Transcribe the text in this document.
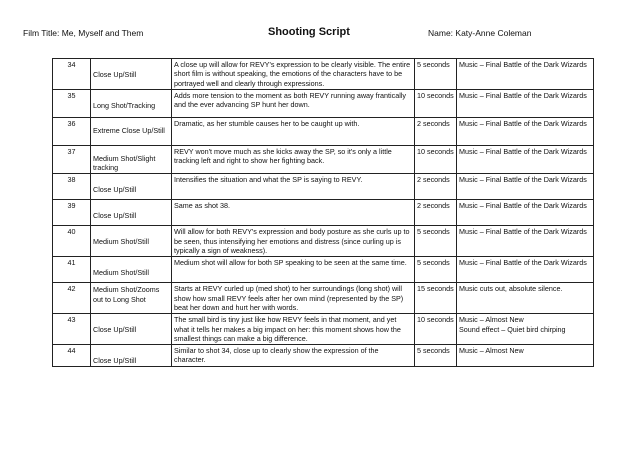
Film Title: Me, Myself and Them	Shooting Script	Name: Katy-Anne Coleman
34	Close Up/Still	A close up will allow for REVY's expression to be clearly visible. The entire short film is without speaking, the emotions of the characters have to be portrayed well and clearly through expressions.	5 seconds	Music – Final Battle of the Dark Wizards
35	Long Shot/Tracking	Adds more tension to the moment as both REVY running away frantically and the ever advancing SP hunt her down.	10 seconds	Music – Final Battle of the Dark Wizards
36	Extreme Close Up/Still	Dramatic, as her stumble causes her to be caught up with.	2 seconds	Music – Final Battle of the Dark Wizards
37	Medium Shot/Slight tracking	REVY won't move much as she kicks away the SP, so it's only a little tracking left and right to show her fighting back.	10 seconds	Music – Final Battle of the Dark Wizards
38	Close Up/Still	Intensifies the situation and what the SP is saying to REVY.	2 seconds	Music – Final Battle of the Dark Wizards
39	Close Up/Still	Same as shot 38.	2 seconds	Music – Final Battle of the Dark Wizards
40	Medium Shot/Still	Will allow for both REVY's expression and body posture as she curls up to be seen, thus intensifying her emotions and distress (since curling up is typically a sign of weakness).	5 seconds	Music – Final Battle of the Dark Wizards
41	Medium Shot/Still	Medium shot will allow for both SP speaking to be seen at the same time.	5 seconds	Music – Final Battle of the Dark Wizards
42	Medium Shot/Zooms out to Long Shot	Starts at REVY curled up (med shot) to her surroundings (long shot) will show how small REVY feels after her own mind (represented by the SP) beat her down and hurt her with words.	15 seconds	Music cuts out, absolute silence.
43	Close Up/Still	The small bird is tiny just like how REVY feels in that moment, and yet what it tells her makes a big impact on her: this moment shows how the smallest things can make a big difference.	10 seconds	Music – Almost New
Sound effect – Quiet bird chirping
44	Close Up/Still	Similar to shot 34, close up to clearly show the expression of the character.	5 seconds	Music – Almost New
